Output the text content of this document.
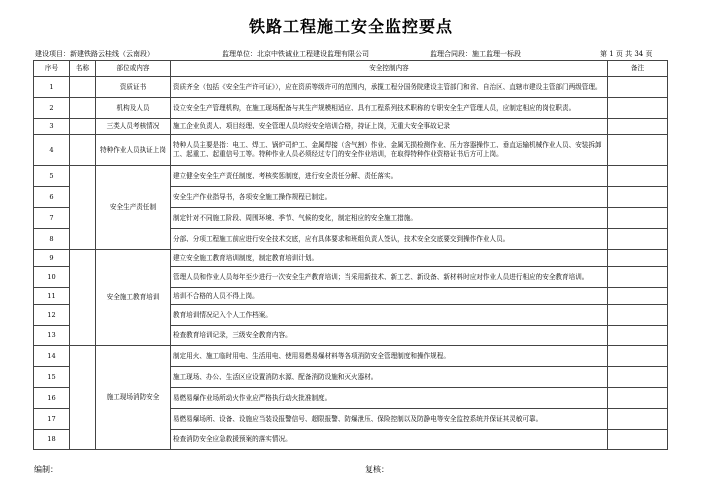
铁路工程施工安全监控要点
建设项目：新建铁路云桂线（云南段）	监理单位：北京中铁诚业工程建设监理有限公司	监理合同段：施工监理一标段	第 1 页 共 34 页
序号	名称	部位或内容	安全控制内容	备注
1		资质证书	资质齐全（包括《安全生产许可证》），应在资质等级许可的范围内，承揽工程分国务院建设主管部门和省、自治区、直辖市建设主管部门两级管理。	
2		机构及人员	设立安全生产管理机构，在施工现场配备与其生产规模相适应、具有工程系列技术职称的专职安全生产管理人员，应制定相应的岗位职责。	
3		三类人员考核情况	施工企业负责人、项目经理、安全管理人员均经安全培训合格，持证上岗，无重大安全事故记录	
4		特种作业人员执证上岗	特种人员主要是指：电工、焊工、锅炉司炉工、金属焊接（含气割）作业、金属无损检测作业、压力容器操作工、垂直运输机械作业人员、安装拆卸工、起重工、起重信号工等。特种作业人员必须经过专门的安全作业培训，在取得特种作业资格证书后方可上岗。	
5		安全生产责任制	建立健全安全生产责任制度、考核奖惩制度，进行安全责任分解、责任落实。	
6			安全生产作业指导书，各项安全施工操作规程已制定。	
7			制定针对不同施工阶段、周围环境、季节、气候的变化，制定相应的安全施工措施。	
8			分部、分项工程施工前应进行安全技术交底，应有具体要求和班组负责人签认，技术安全交底要交到操作作业人员。	
9		安全施工教育培训	建立安全施工教育培训制度，制定教育培训计划。	
10			管理人员和作业人员每年至少进行一次安全生产教育培训；当采用新技术、新工艺、新设备、新材料时应对作业人员进行相应的安全教育培训。	
11			培训不合格的人员不得上岗。	
12			教育培训情况记入个人工作档案。	
13			检查教育培训记录，三级安全教育内容。	
14		施工现场消防安全	制定用火、施工临时用电、生活用电、使用易燃易爆材料等各项消防安全管理制度和操作规程。	
15			施工现场、办公、生活区应设置消防水源、配备消防设施和灭火器材。	
16			易燃易爆作业场所动火作业应严格执行动火批准制度。	
17			易燃易爆场所、设备、设施应当装设报警信号、超限报警、防爆泄压、保险控制以及防静电等安全监控系统并保证其灵敏可靠。	
18			检查消防安全应急救援预案的落实情况。	
编制：	复核：
